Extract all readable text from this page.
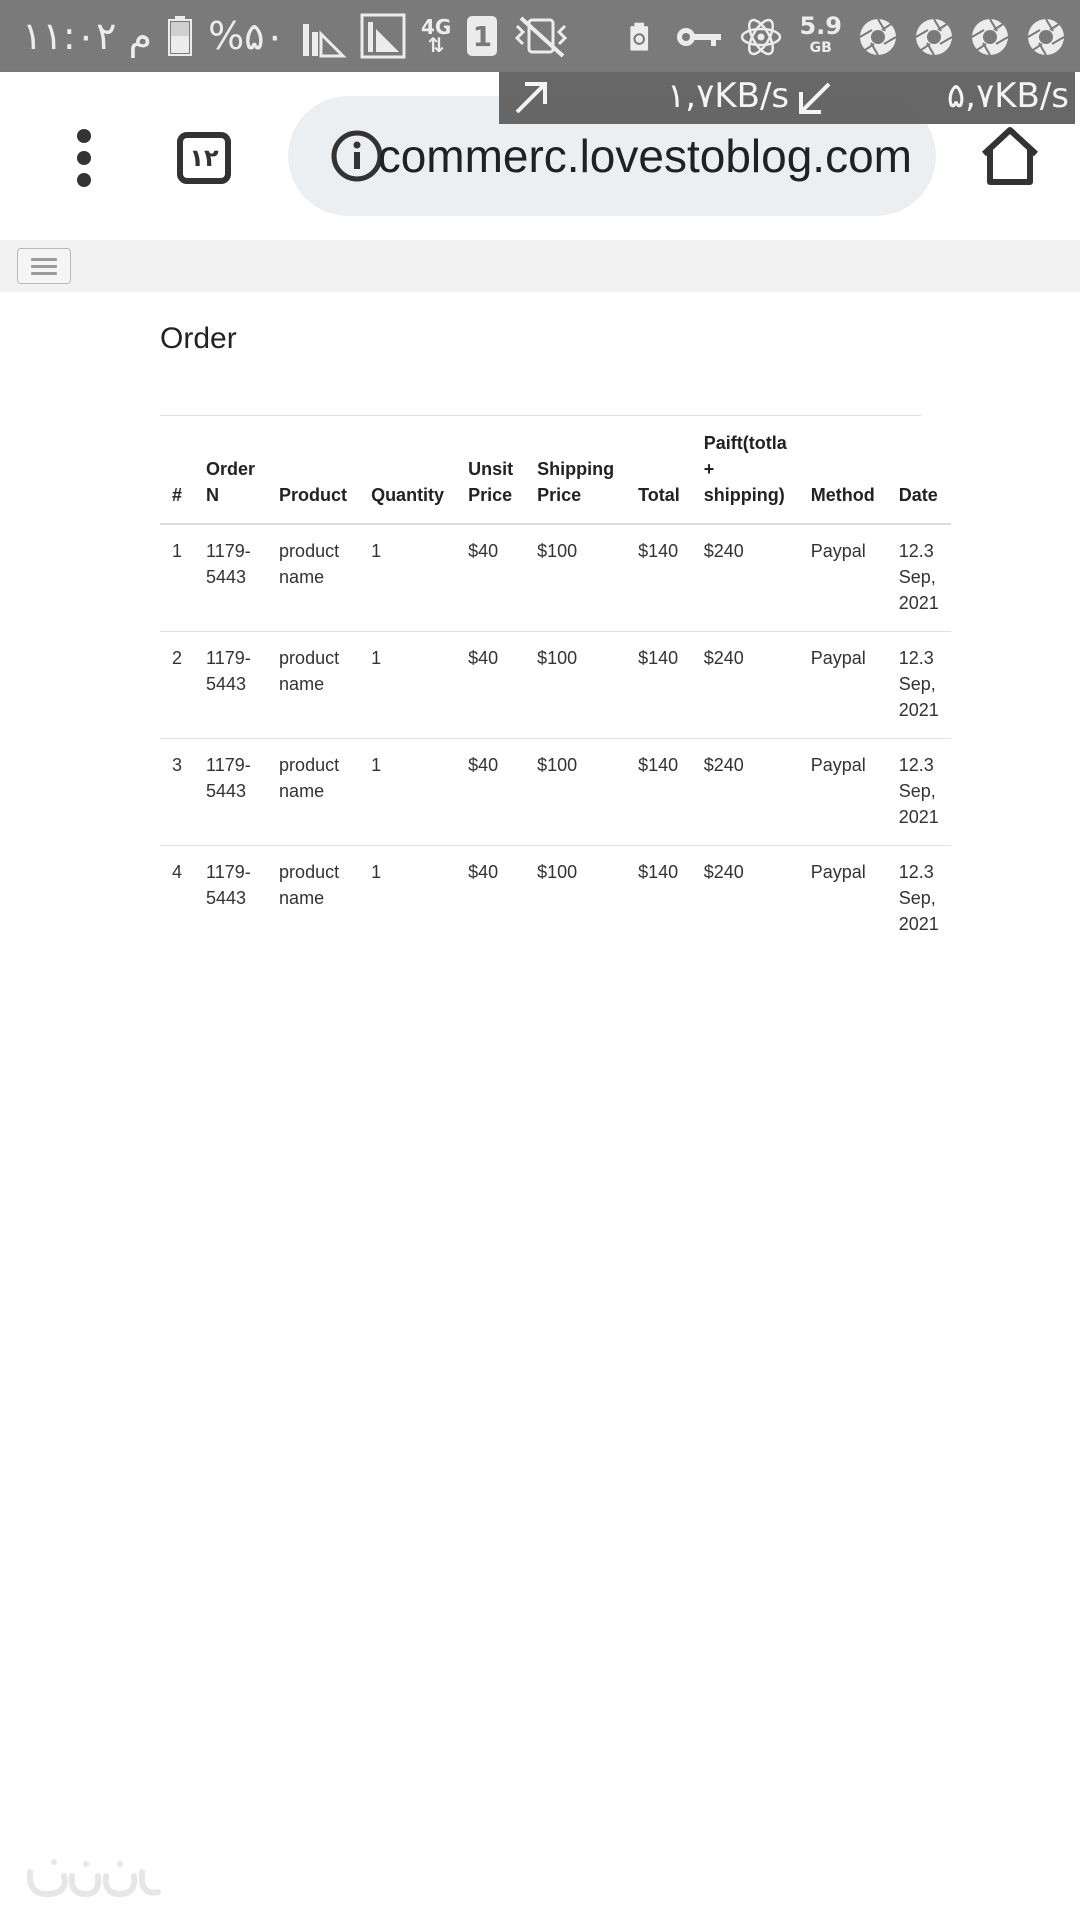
۱۱:۰۲ م %۵۰	4G
⇅ 1	5.9
GB
۱۲	commerc.lovestoblog.com
۱,۷KB/s	۵,۷KB/s
Order
#	Order N	Product	Quantity	Unsit Price	Shipping Price	Total	Paift(totla + shipping)	Method	Date
1	1179-5443	product name	1	$40	$100	$140	$240	Paypal	12.3 Sep, 2021
2	1179-5443	product name	1	$40	$100	$140	$240	Paypal	12.3 Sep, 2021
3	1179-5443	product name	1	$40	$100	$140	$240	Paypal	12.3 Sep, 2021
4	1179-5443	product name	1	$40	$100	$140	$240	Paypal	12.3 Sep, 2021
